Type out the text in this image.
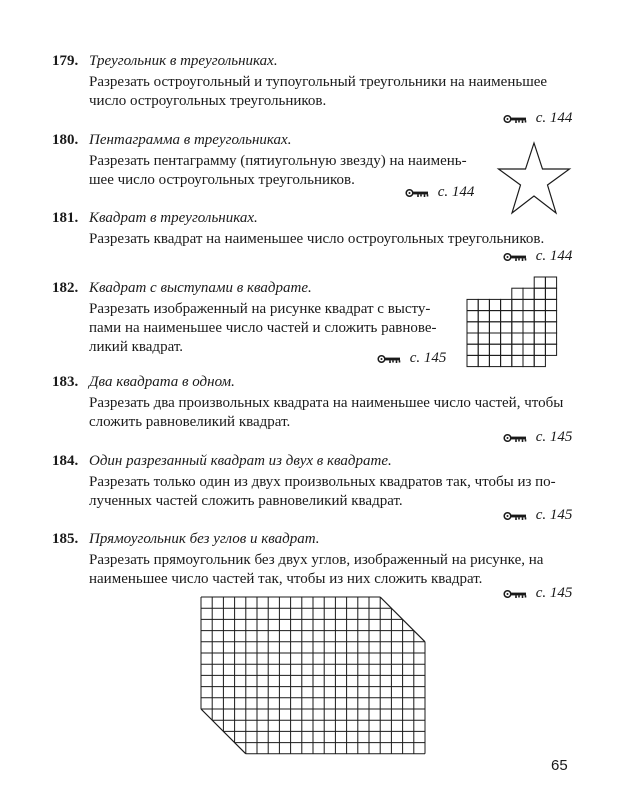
179. Треугольник в треугольниках.
Разрезать остроугольный и тупоугольный треугольники на наименьшее
число остроугольных треугольников.
с. 144
180. Пентаграмма в треугольниках.
Разрезать пентаграмму (пятиугольную звезду) на наимень-
шее число остроугольных треугольников.
с. 144
181. Квадрат в треугольниках.
Разрезать квадрат на наименьшее число остроугольных треугольников.
с. 144
182. Квадрат с выступами в квадрате.
Разрезать изображенный на рисунке квадрат с высту-
пами на наименьшее число частей и сложить равнове-
ликий квадрат.
с. 145
183. Два квадрата в одном.
Разрезать два произвольных квадрата на наименьшее число частей, чтобы
сложить равновеликий квадрат.
с. 145
184. Один разрезанный квадрат из двух в квадрате.
Разрезать только один из двух произвольных квадратов так, чтобы из по-
лученных частей сложить равновеликий квадрат.
с. 145
185. Прямоугольник без углов и квадрат.
Разрезать прямоугольник без двух углов, изображенный на рисунке, на
наименьшее число частей так, чтобы из них сложить квадрат.
с. 145
65
